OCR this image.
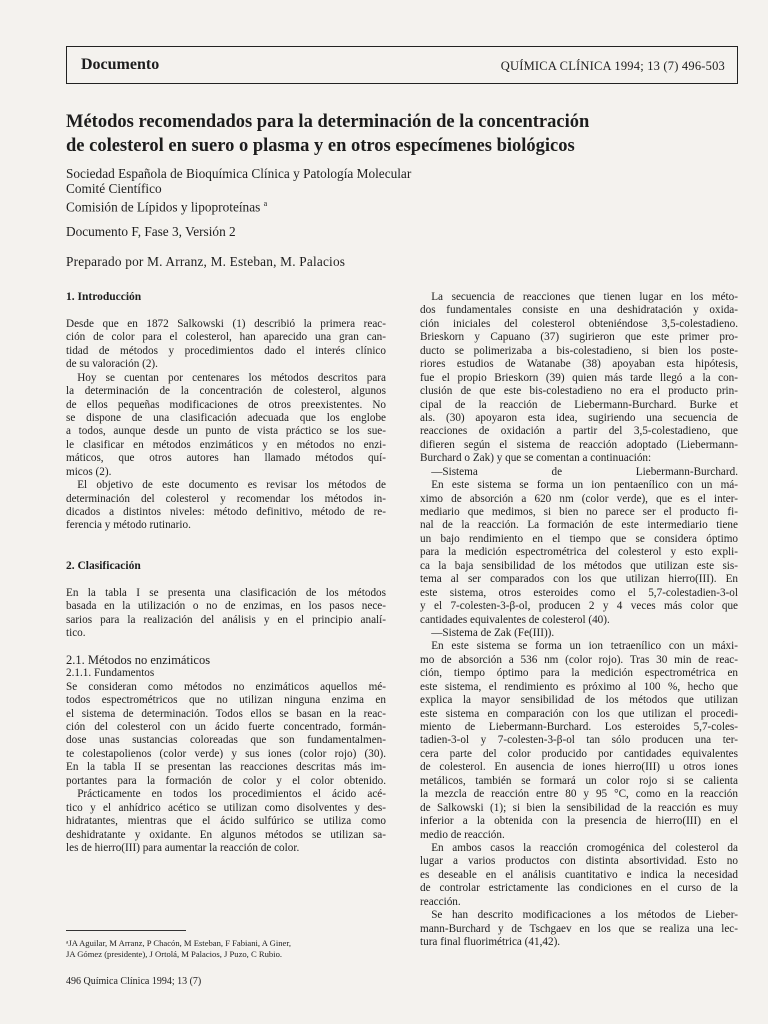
Documento	QUÍMICA CLÍNICA 1994; 13 (7) 496-503
Métodos recomendados para la determinación de la concentración
de colesterol en suero o plasma y en otros especímenes biológicos
Sociedad Española de Bioquímica Clínica y Patología Molecular
Comité Científico
Comisión de Lípidos y lipoproteínas $^a$
Documento F, Fase 3, Versión 2
Preparado por M. Arranz, M. Esteban, M. Palacios
1. Introducción
Desde que en 1872 Salkowski (1) describió la primera reac-
ción de color para el colesterol, han aparecido una gran can-
tidad de métodos y procedimientos dado el interés clínico
de su valoración (2).
 Hoy se cuentan por centenares los métodos descritos para
la determinación de la concentración de colesterol, algunos
de ellos pequeñas modificaciones de otros preexistentes. No
se dispone de una clasificación adecuada que los englobe
a todos, aunque desde un punto de vista práctico se los sue-
le clasificar en métodos enzimáticos y en métodos no enzi-
máticos, que otros autores han llamado métodos quí-
micos (2).
 El objetivo de este documento es revisar los métodos de
determinación del colesterol y recomendar los métodos in-
dicados a distintos niveles: método definitivo, método de re-
ferencia y método rutinario.
2. Clasificación
En la tabla I se presenta una clasificación de los métodos
basada en la utilización o no de enzimas, en los pasos nece-
sarios para la realización del análisis y en el principio analí-
tico.
2.1. Métodos no enzimáticos
2.1.1. Fundamentos
Se consideran como métodos no enzimáticos aquellos mé-
todos espectrométricos que no utilizan ninguna enzima en
el sistema de determinación. Todos ellos se basan en la reac-
ción del colesterol con un ácido fuerte concentrado, formán-
dose unas sustancias coloreadas que son fundamentalmen-
te colestapolienos (color verde) y sus iones (color rojo) (30).
En la tabla II se presentan las reacciones descritas más im-
portantes para la formación de color y el color obtenido.
 Prácticamente en todos los procedimientos el ácido acé-
tico y el anhídrico acético se utilizan como disolventes y des-
hidratantes, mientras que el ácido sulfúrico se utiliza como
deshidratante y oxidante. En algunos métodos se utilizan sa-
les de hierro(III) para aumentar la reacción de color.
 La secuencia de reacciones que tienen lugar en los méto-
dos fundamentales consiste en una deshidratación y oxida-
ción iniciales del colesterol obteniéndose 3,5-colestadieno.
Brieskorn y Capuano (37) sugirieron que este primer pro-
ducto se polimerizaba a bis-colestadieno, si bien los poste-
riores estudios de Watanabe (38) apoyaban esta hipótesis,
fue el propio Brieskorn (39) quien más tarde llegó a la con-
clusión de que este bis-colestadieno no era el producto prin-
cipal de la reacción de Liebermann-Burchard. Burke et
als. (30) apoyaron esta idea, sugiriendo una secuencia de
reacciones de oxidación a partir del 3,5-colestadieno, que
difieren según el sistema de reacción adoptado (Liebermann-
Burchard o Zak) y que se comentan a continuación:
 —Sistema de Liebermann-Burchard.
 En este sistema se forma un ion pentaenílico con un má-
ximo de absorción a 620 nm (color verde), que es el inter-
mediario que medimos, si bien no parece ser el producto fi-
nal de la reacción. La formación de este intermediario tiene
un bajo rendimiento en el tiempo que se considera óptimo
para la medición espectrométrica del colesterol y esto expli-
ca la baja sensibilidad de los métodos que utilizan este sis-
tema al ser comparados con los que utilizan hierro(III). En
este sistema, otros esteroides como el 5,7-colestadien-3-ol
y el 7-colesten-3-β-ol, producen 2 y 4 veces más color que
cantidades equivalentes de colesterol (40).
 —Sistema de Zak (Fe(III)).
 En este sistema se forma un ion tetraenílico con un máxi-
mo de absorción a 536 nm (color rojo). Tras 30 min de reac-
ción, tiempo óptimo para la medición espectrométrica en
este sistema, el rendimiento es próximo al 100 %, hecho que
explica la mayor sensibilidad de los métodos que utilizan
este sistema en comparación con los que utilizan el procedi-
miento de Liebermann-Burchard. Los esteroides 5,7-coles-
tadien-3-ol y 7-colesten-3-β-ol tan sólo producen una ter-
cera parte del color producido por cantidades equivalentes
de colesterol. En ausencia de iones hierro(III) u otros iones
metálicos, también se formará un color rojo si se calienta
la mezcla de reacción entre 80 y 95 °C, como en la reacción
de Salkowski (1); si bien la sensibilidad de la reacción es muy
inferior a la obtenida con la presencia de hierro(III) en el
medio de reacción.
 En ambos casos la reacción cromogénica del colesterol da
lugar a varios productos con distinta absortividad. Esto no
es deseable en el análisis cuantitativo e indica la necesidad
de controlar estrictamente las condiciones en el curso de la
reacción.
 Se han descrito modificaciones a los métodos de Lieber-
mann-Burchard y de Tschgaev en los que se realiza una lec-
tura final fluorimétrica (41,42).
ᵃJA Aguilar, M Arranz, P Chacón, M Esteban, F Fabiani, A Giner,
JA Gómez (presidente), J Ortolá, M Palacios, J Puzo, C Rubio.
496 Química Clínica 1994; 13 (7)
